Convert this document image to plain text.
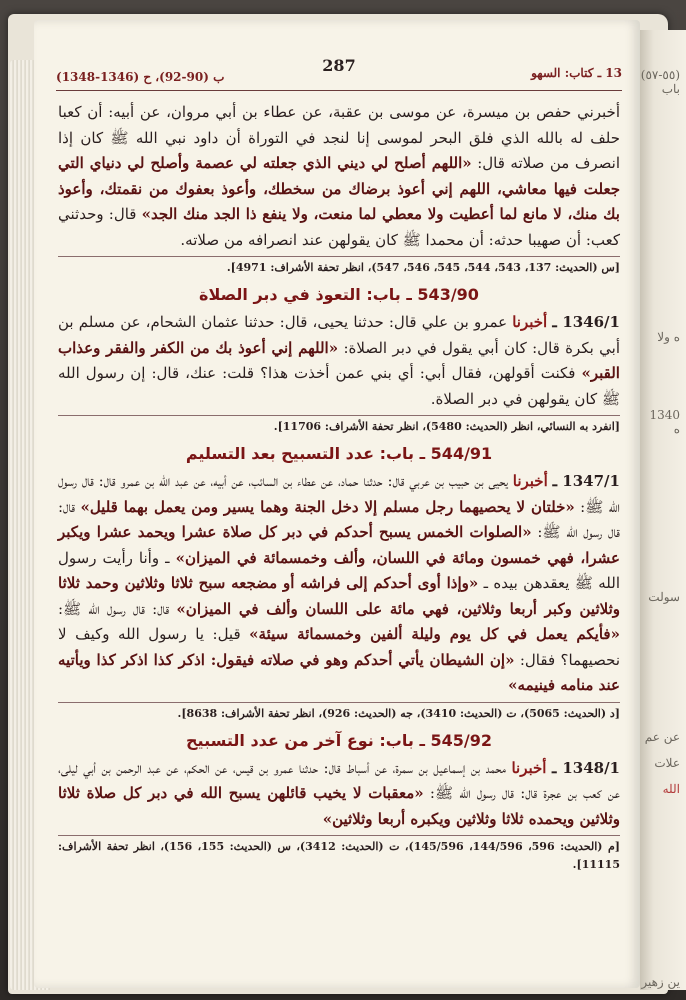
(٥٥-٥٧) باب
ه ولا
1340 ه
سولت
عن عم
علات
الله
ين زهير
13 ـ كتاب: السهو
287
ب (90-92)، ح (1346-1348)

أخبرني حفص بن ميسرة، عن موسى بن عقبة، عن عطاء بن أبي مروان، عن أبيه: أن كعبا حلف له بالله الذي فلق البحر لموسى إنا لنجد في التوراة أن داود نبي الله ﷺ كان إذا انصرف من صلاته قال: «اللهم أصلح لي ديني الذي جعلته لي عصمة وأصلح لي دنياي التي جعلت فيها معاشي، اللهم إني أعوذ برضاك من سخطك، وأعوذ بعفوك من نقمتك، وأعوذ بك منك، لا مانع لما أعطيت ولا معطي لما منعت، ولا ينفع ذا الجد منك الجد» قال: وحدثني كعب: أن صهيبا حدثه: أن محمدا ﷺ كان يقولهن عند انصرافه من صلاته.

[س (الحديث: 137، 543، 544، 545، 546، 547)، انظر تحفة الأشراف: 4971].
543/90 ـ باب: التعوذ في دبر الصلاة

1346/1 ـ أخبرنا عمرو بن علي قال: حدثنا يحيى، قال: حدثنا عثمان الشحام، عن مسلم بن أبي بكرة قال: كان أبي يقول في دبر الصلاة: «اللهم إني أعوذ بك من الكفر والفقر وعذاب القبر» فكنت أقولهن، فقال أبي: أي بني عمن أخذت هذا؟ قلت: عنك، قال: إن رسول الله ﷺ كان يقولهن في دبر الصلاة.

[انفرد به النسائي، انظر (الحديث: 5480)، انظر تحفة الأشراف: 11706].
544/91 ـ باب: عدد التسبيح بعد التسليم

1347/1 ـ أخبرنا يحيى بن حبيب بن عربي قال: حدثنا حماد، عن عطاء بن السائب، عن أبيه، عن عبد الله بن عمرو قال: قال رسول الله ﷺ: «خلتان لا يحصيهما رجل مسلم إلا دخل الجنة وهما يسير ومن يعمل بهما قليل» قال: قال رسول الله ﷺ: «الصلوات الخمس يسبح أحدكم في دبر كل صلاة عشرا ويحمد عشرا ويكبر عشرا، فهي خمسون ومائة في اللسان، وألف وخمسمائة في الميزان» ـ وأنا رأيت رسول الله ﷺ يعقدهن بيده ـ «وإذا أوى أحدكم إلى فراشه أو مضجعه سبح ثلاثا وثلاثين وحمد ثلاثا وثلاثين وكبر أربعا وثلاثين، فهي مائة على اللسان وألف في الميزان» قال: قال رسول الله ﷺ: «فأيكم يعمل في كل يوم وليلة ألفين وخمسمائة سيئة» قيل: يا رسول الله وكيف لا نحصيهما؟ فقال: «إن الشيطان يأتي أحدكم وهو في صلاته فيقول: اذكر كذا اذكر كذا ويأتيه عند منامه فينيمه»

[د (الحديث: 5065)، ت (الحديث: 3410)، جه (الحديث: 926)، انظر تحفة الأشراف: 8638].
545/92 ـ باب: نوع آخر من عدد التسبيح

1348/1 ـ أخبرنا محمد بن إسماعيل بن سمرة، عن أسباط قال: حدثنا عمرو بن قيس، عن الحكم، عن عبد الرحمن بن أبي ليلى، عن كعب بن عجرة قال: قال رسول الله ﷺ: «معقبات لا يخيب قائلهن يسبح الله في دبر كل صلاة ثلاثا وثلاثين ويحمده ثلاثا وثلاثين ويكبره أربعا وثلاثين»

[م (الحديث: 596، 144/596، 145/596)، ت (الحديث: 3412)، س (الحديث: 155، 156)، انظر تحفة الأشراف: 11115].
